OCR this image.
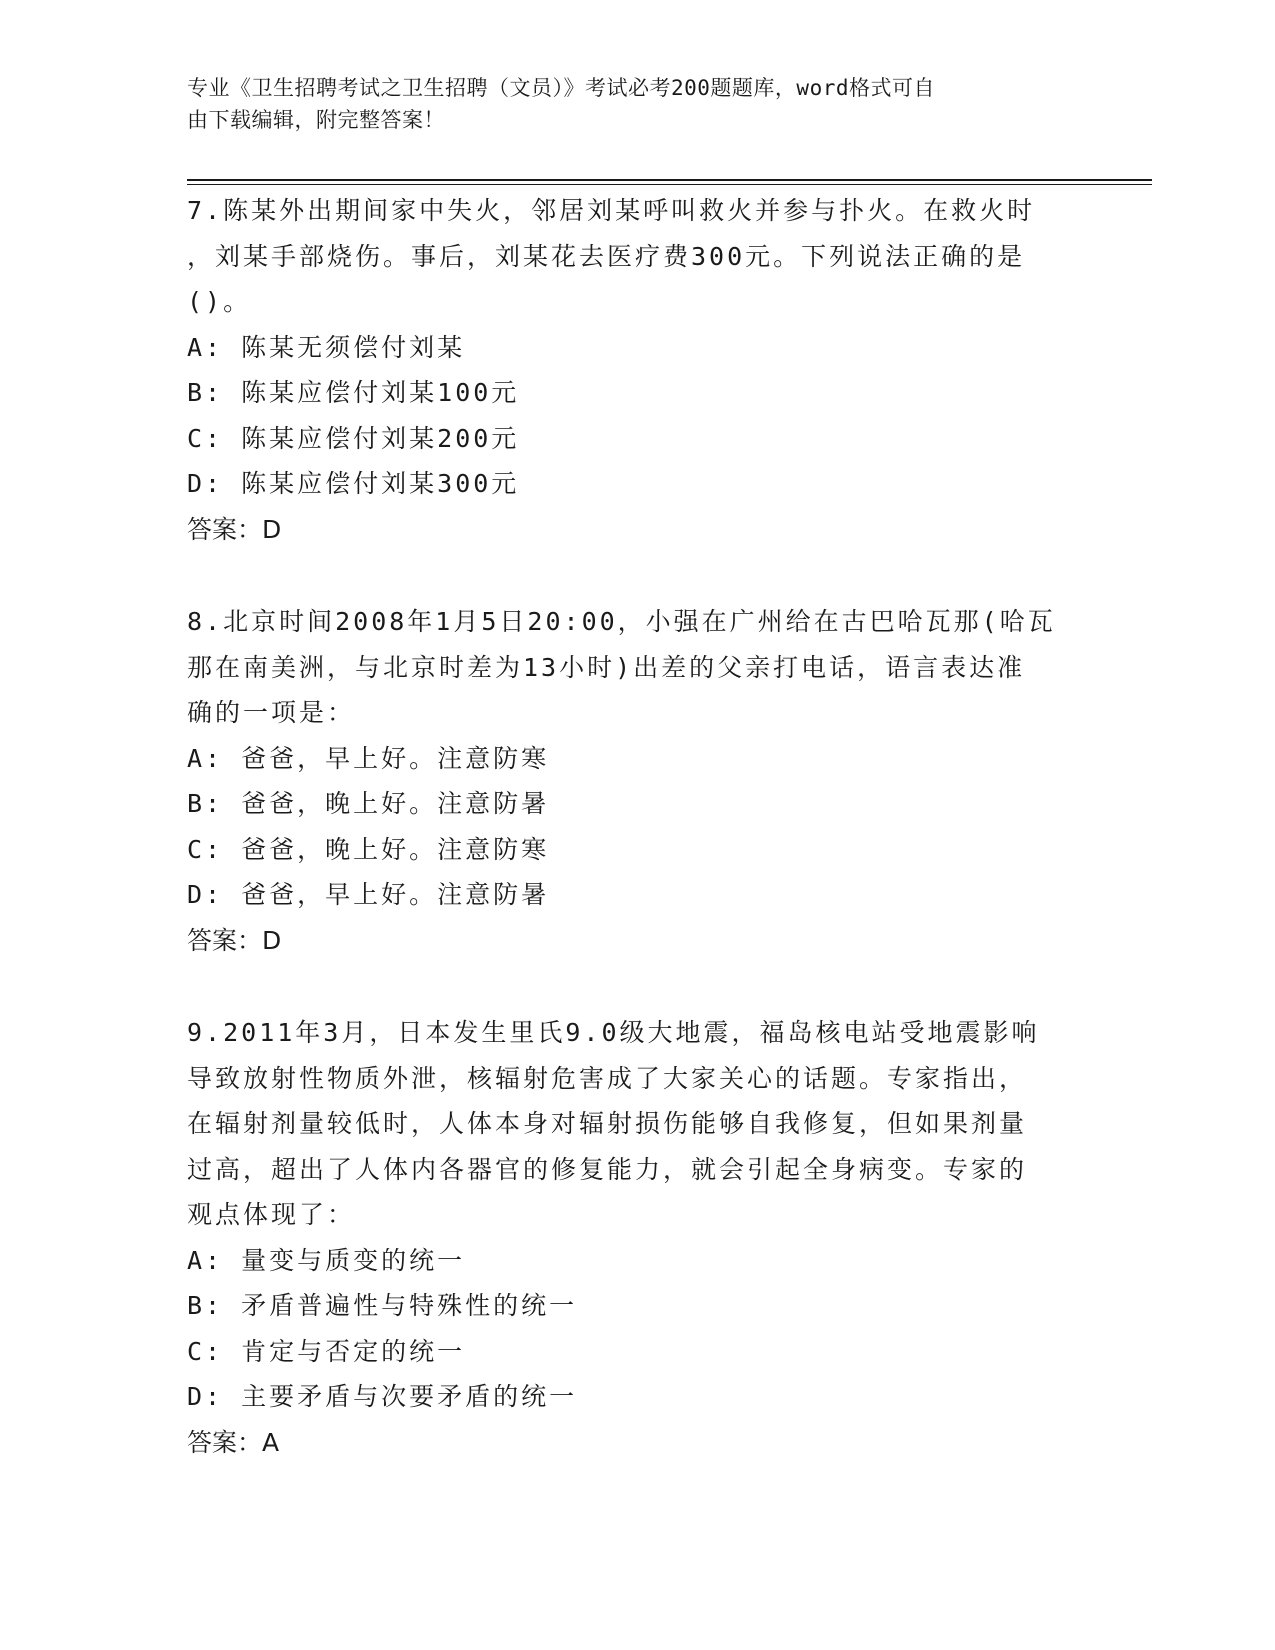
专业《卫生招聘考试之卫生招聘（文员）》考试必考200题题库，word格式可自
由下载编辑，附完整答案！

7.陈某外出期间家中失火，邻居刘某呼叫救火并参与扑火。在救火时

，刘某手部烧伤。事后，刘某花去医疗费300元。下列说法正确的是

()。

A: 陈某无须偿付刘某

B: 陈某应偿付刘某100元

C: 陈某应偿付刘某200元

D: 陈某应偿付刘某300元

答案：D

8.北京时间2008年1月5日20:00，小强在广州给在古巴哈瓦那(哈瓦

那在南美洲，与北京时差为13小时)出差的父亲打电话，语言表达准

确的一项是：

A: 爸爸，早上好。注意防寒

B: 爸爸，晚上好。注意防暑

C: 爸爸，晚上好。注意防寒

D: 爸爸，早上好。注意防暑

答案：D

9.2011年3月，日本发生里氏9.0级大地震，福岛核电站受地震影响

导致放射性物质外泄，核辐射危害成了大家关心的话题。专家指出，

在辐射剂量较低时，人体本身对辐射损伤能够自我修复，但如果剂量

过高，超出了人体内各器官的修复能力，就会引起全身病变。专家的

观点体现了：

A: 量变与质变的统一

B: 矛盾普遍性与特殊性的统一

C: 肯定与否定的统一

D: 主要矛盾与次要矛盾的统一

答案：A
